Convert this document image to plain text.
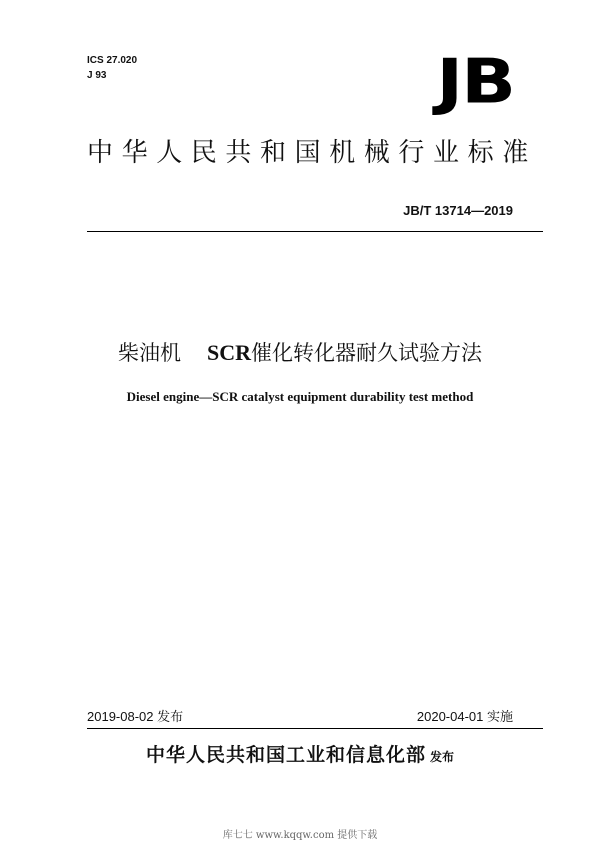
ICS 27.020
J 93	JB
中华人民共和国机械行业标准
JB/T 13714—2019
柴油机 SCR催化转化器耐久试验方法
Diesel engine—SCR catalyst equipment durability test method
2019-08-02 发布	2020-04-01 实施
中华人民共和国工业和信息化部 发布
库七七 www.kqqw.com 提供下载
